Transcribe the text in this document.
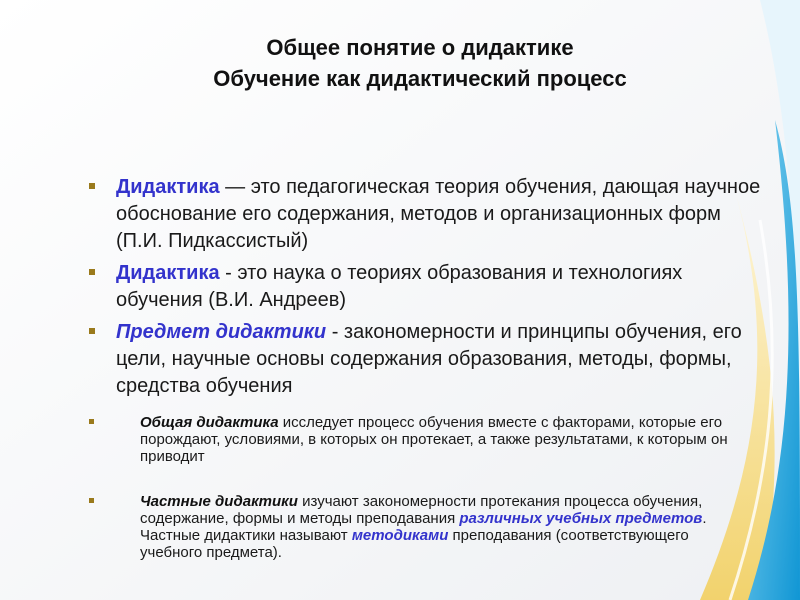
Общее понятие о дидактике
Обучение как дидактический процесс
Дидактика — это педагогическая теория обучения, дающая научное обоснование его содержания, методов и организационных форм (П.И. Пидкассистый)
Дидактика - это наука о теориях образования и технологиях обучения (В.И. Андреев)
Предмет дидактики - закономерности и принципы обучения, его цели, научные основы содержания образования, методы, формы, средства обучения
Общая дидактика исследует процесс обучения вместе с факторами, которые его порождают, условиями, в которых он протекает, а также результатами, к которым он приводит
Частные дидактики изучают закономерности протекания процесса обучения, содержание, формы и методы преподавания различных учебных предметов. Частные дидактики называют методиками преподавания (соответствующего учебного предмета).
